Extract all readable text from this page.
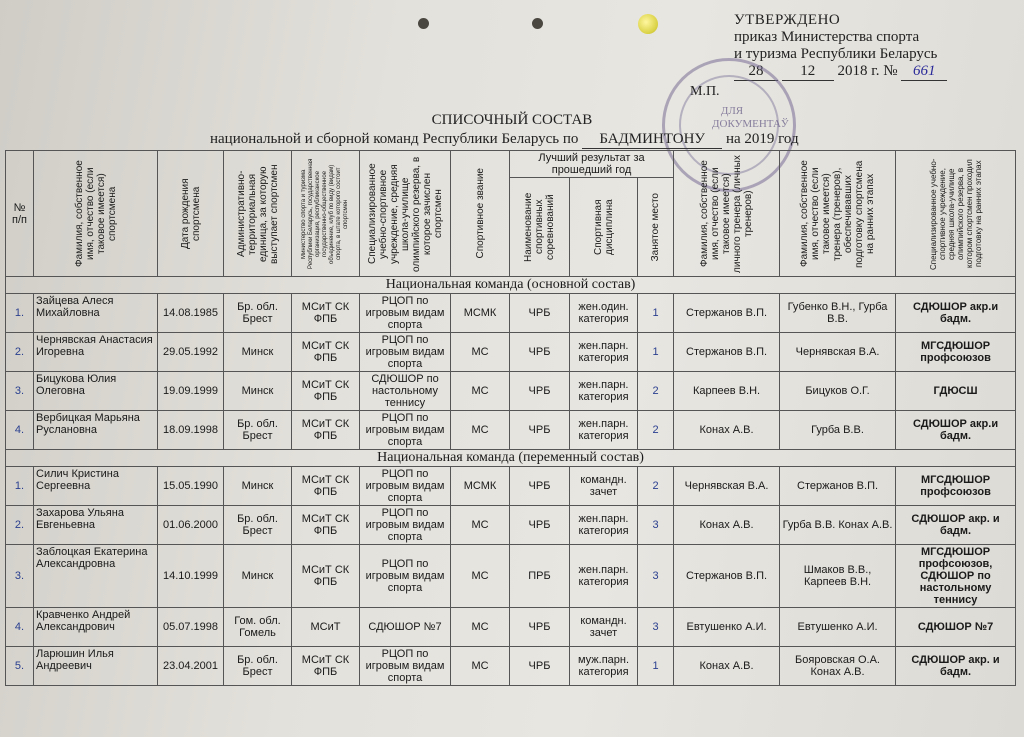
УТВЕРЖДЕНО
приказ Министерства спорта
и туризма Республики Беларусь
28 12 2018 г. № 661
М.П.
ДЛЯ ДОКУМЕНТАЎ
СПИСОЧНЫЙ СОСТАВ
национальной и сборной команд Республики Беларусь по БАДМИНТОНУ на 2019 год
№ п/п	Фамилия, собственное имя, отчество (если таковое имеется) спортсмена	Дата рождения спортсмена	Административно-территориальная единица, за которую выступает спортсмен	Министерство спорта и туризма Республики Беларусь, государственная организация, республиканское государственно-общественное объединение, клуб по виду (видам) спорта, в штате которого состоит спортсмен	Специализированное учебно-спортивное учреждение, средняя школа-училище олимпийского резерва, в которое зачислен спортсмен	Спортивное звание	Лучший результат за прошедший год			Фамилия, собственное имя, отчество (если таковое имеется) личного тренера (личных тренеров)	Фамилия, собственное имя, отчество (если таковое имеется) тренера (тренеров), обеспечивавших подготовку спортсмена на ранних этапах	Специализированное учебно-спортивное учреждение, средняя школа-училище олимпийского резерва, в котором спортсмен проходил подготовку на ранних этапах

							Наименование спортивных соревнований	Спортивная дисциплина	Занятое место			

Национальная команда (основной состав)												
1.	Зайцева Алеся Михайловна	14.08.1985	Бр. обл. Брест	МСиТ СК ФПБ	РЦОП по игровым видам спорта	МСМК	ЧРБ	жен.один. категория	1	Стержанов В.П.	Губенко В.Н., Гурба В.В.	СДЮШОР акр.и бадм.
2.	Чернявская Анастасия Игоревна	29.05.1992	Минск	МСиТ СК ФПБ	РЦОП по игровым видам спорта	МС	ЧРБ	жен.парн. категория	1	Стержанов В.П.	Чернявская В.А.	МГСДЮШОР профсоюзов
3.	Бицукова Юлия Олеговна	19.09.1999	Минск	МСиТ СК ФПБ	СДЮШОР по настольному теннису	МС	ЧРБ	жен.парн. категория	2	Карпеев В.Н.	Бицуков О.Г.	ГДЮСШ
4.	Вербицкая Марьяна Руслановна	18.09.1998	Бр. обл. Брест	МСиТ СК ФПБ	РЦОП по игровым видам спорта	МС	ЧРБ	жен.парн. категория	2	Конах А.В.	Гурба В.В.	СДЮШОР акр.и бадм.
Национальная команда (переменный состав)												
1.	Силич Кристина Сергеевна	15.05.1990	Минск	МСиТ СК ФПБ	РЦОП по игровым видам спорта	МСМК	ЧРБ	командн. зачет	2	Чернявская В.А.	Стержанов В.П.	МГСДЮШОР профсоюзов
2.	Захарова Ульяна Евгеньевна	01.06.2000	Бр. обл. Брест	МСиТ СК ФПБ	РЦОП по игровым видам спорта	МС	ЧРБ	жен.парн. категория	3	Конах А.В.	Гурба В.В. Конах А.В.	СДЮШОР акр. и бадм.
3.	Заблоцкая Екатерина Александровна	14.10.1999	Минск	МСиТ СК ФПБ	РЦОП по игровым видам спорта	МС	ПРБ	жен.парн. категория	3	Стержанов В.П.	Шмаков В.В., Карпеев В.Н.	МГСДЮШОР профсоюзов, СДЮШОР по настольному теннису
4.	Кравченко Андрей Александрович	05.07.1998	Гом. обл. Гомель	МСиТ	СДЮШОР №7	МС	ЧРБ	командн. зачет	3	Евтушенко А.И.	Евтушенко А.И.	СДЮШОР №7
5.	Ларюшин Илья Андреевич	23.04.2001	Бр. обл. Брест	МСиТ СК ФПБ	РЦОП по игровым видам спорта	МС	ЧРБ	муж.парн. категория	1	Конах А.В.	Бояровская О.А. Конах А.В.	СДЮШОР акр. и бадм.
